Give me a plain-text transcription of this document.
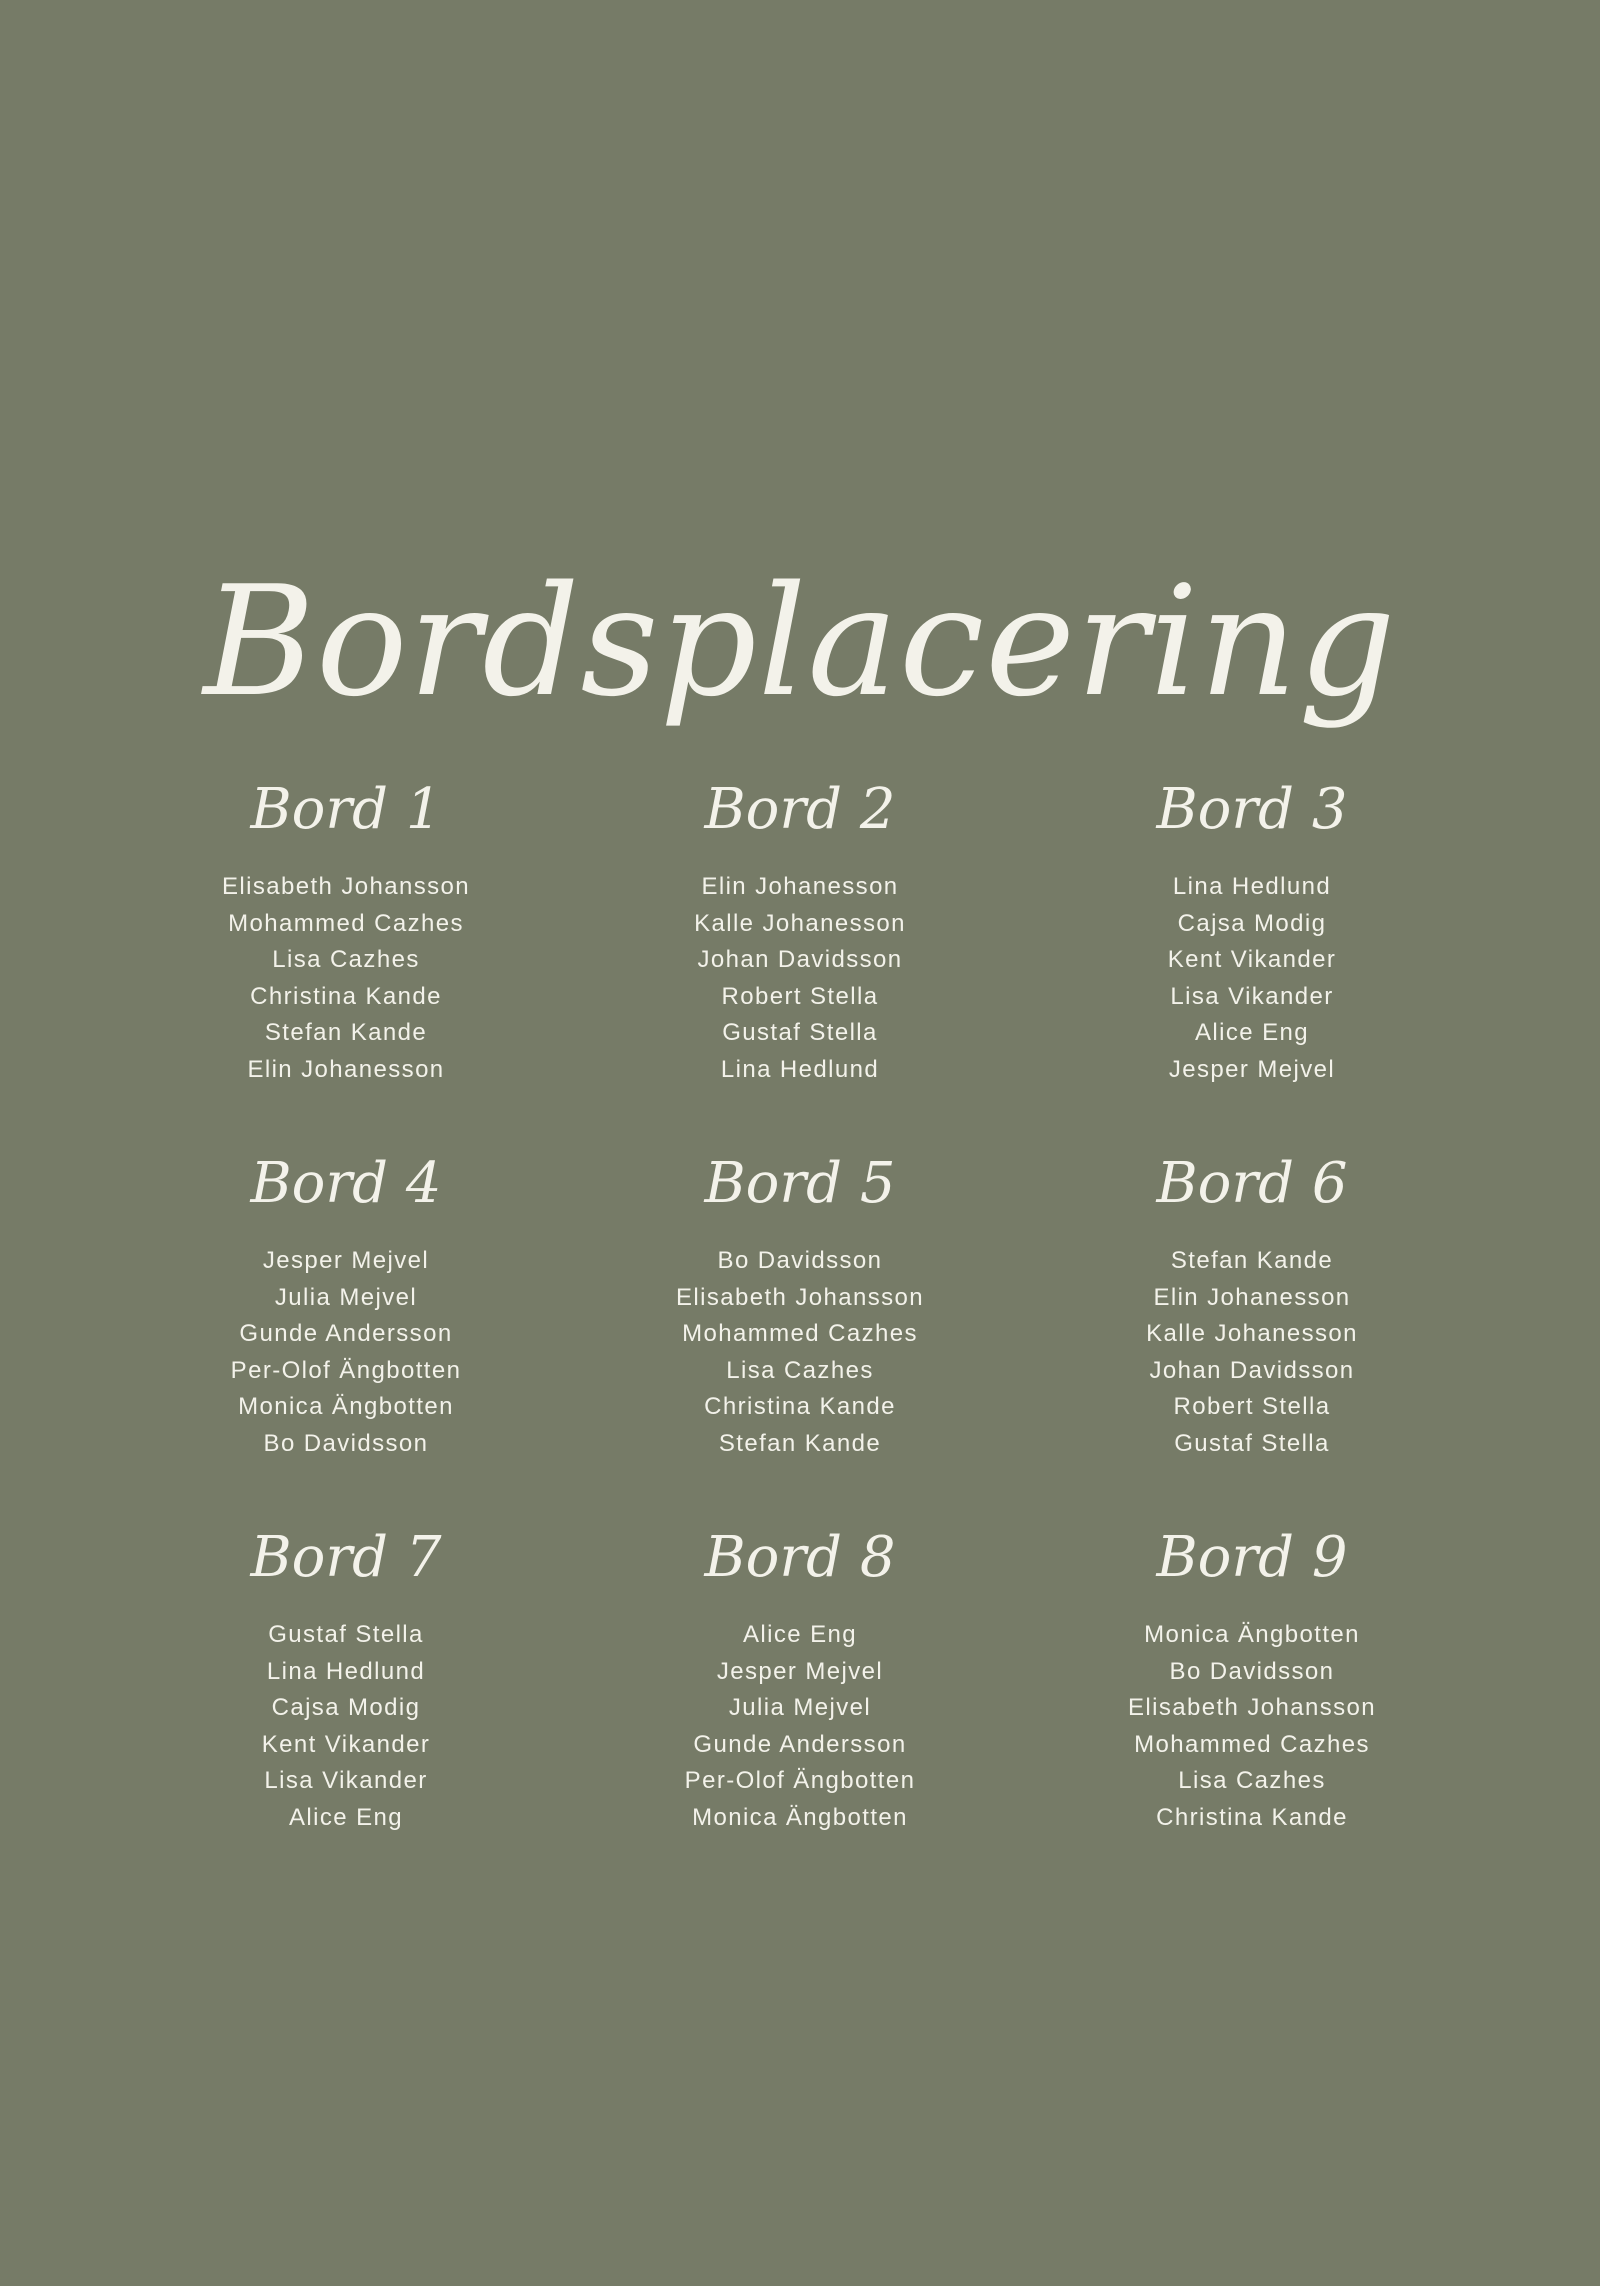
Bordsplacering
Bord 1
Elisabeth Johansson
Mohammed Cazhes
Lisa Cazhes
Christina Kande
Stefan Kande
Elin Johanesson
Bord 2
Elin Johanesson
Kalle Johanesson
Johan Davidsson
Robert Stella
Gustaf Stella
Lina Hedlund
Bord 3
Lina Hedlund
Cajsa Modig
Kent Vikander
Lisa Vikander
Alice Eng
Jesper Mejvel
Bord 4
Jesper Mejvel
Julia Mejvel
Gunde Andersson
Per-Olof Ängbotten
Monica Ängbotten
Bo Davidsson
Bord 5
Bo Davidsson
Elisabeth Johansson
Mohammed Cazhes
Lisa Cazhes
Christina Kande
Stefan Kande
Bord 6
Stefan Kande
Elin Johanesson
Kalle Johanesson
Johan Davidsson
Robert Stella
Gustaf Stella
Bord 7
Gustaf Stella
Lina Hedlund
Cajsa Modig
Kent Vikander
Lisa Vikander
Alice Eng
Bord 8
Alice Eng
Jesper Mejvel
Julia Mejvel
Gunde Andersson
Per-Olof Ängbotten
Monica Ängbotten
Bord 9
Monica Ängbotten
Bo Davidsson
Elisabeth Johansson
Mohammed Cazhes
Lisa Cazhes
Christina Kande
